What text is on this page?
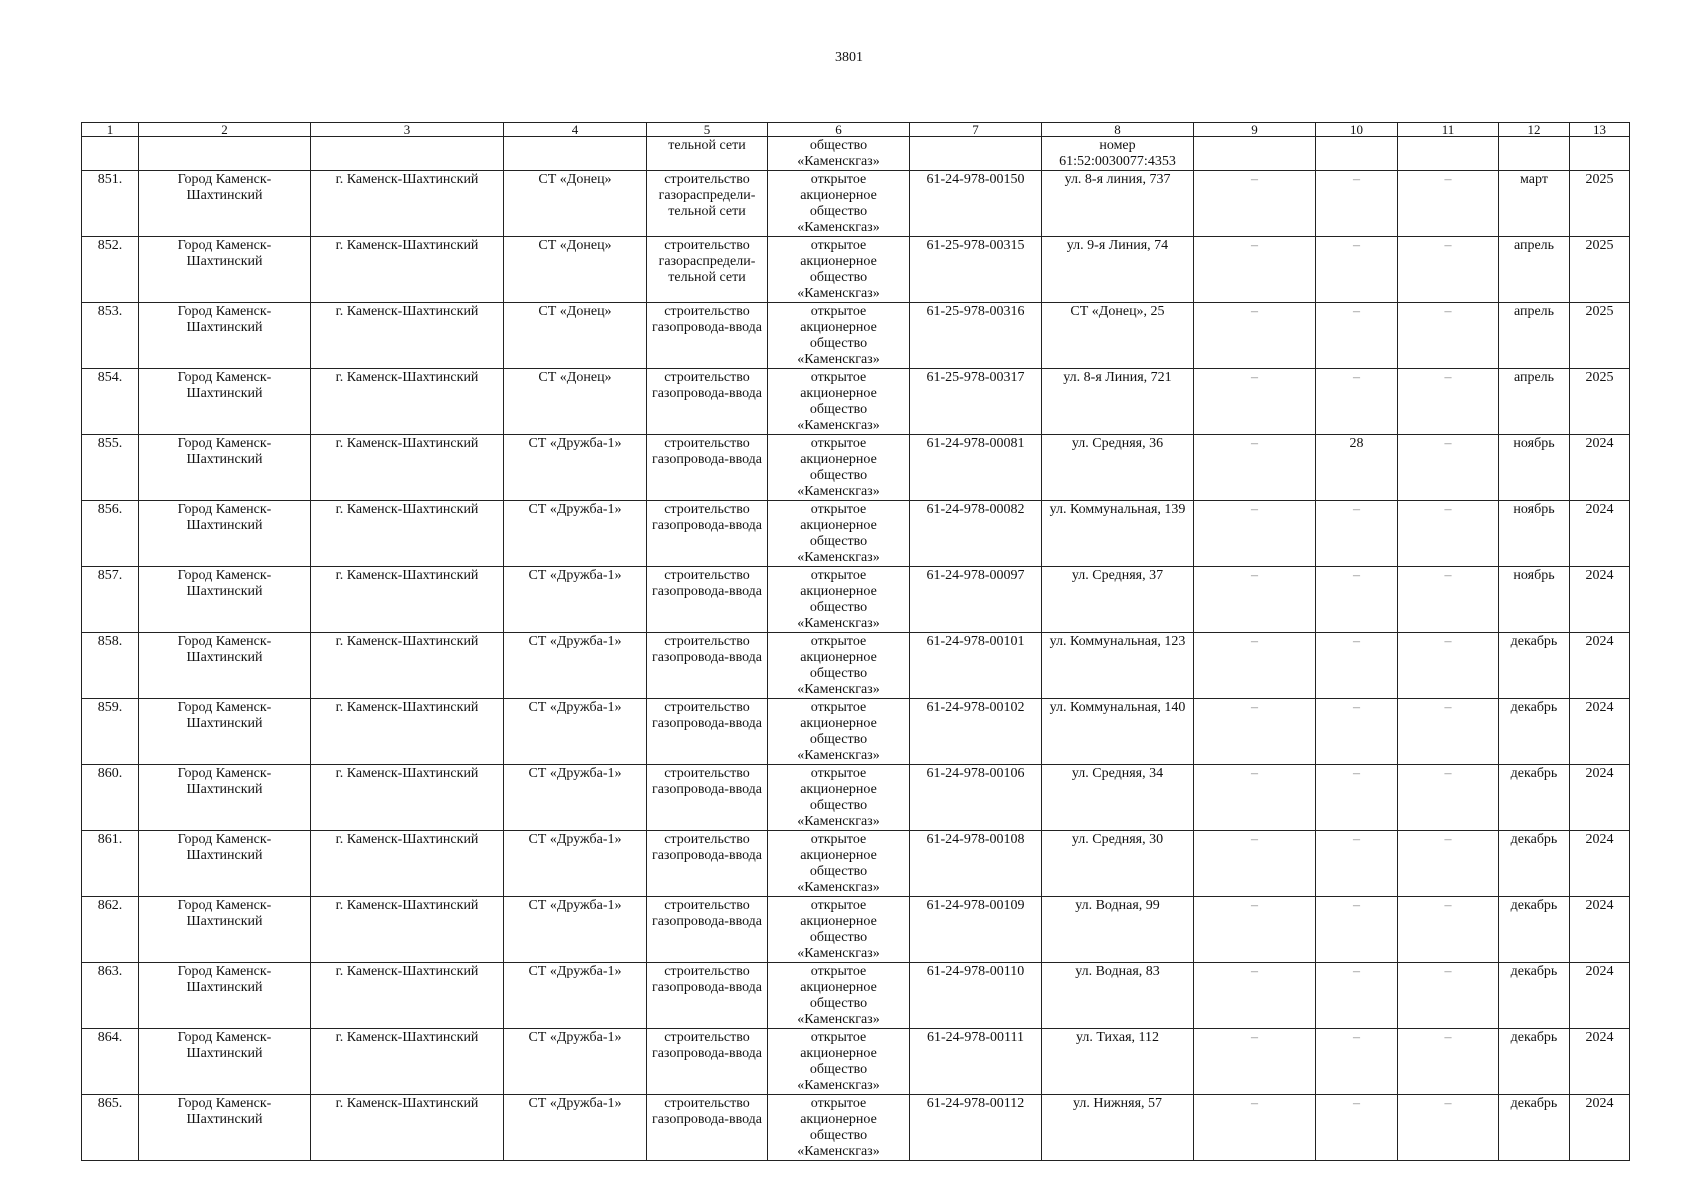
3801
1	2	3	4	5	6	7	8	9	10	11	12	13
				тельной сети	общество «Каменскгаз»		номер 61:52:0030077:4353					
851.	Город Каменск-Шахтинский	г. Каменск-Шахтинский	СТ «Донец»	строительство газораспредели-тельной сети	открытое акционерное общество «Каменскгаз»	61-24-978-00150	ул. 8-я линия, 737	–	–	–	март	2025
852.	Город Каменск-Шахтинский	г. Каменск-Шахтинский	СТ «Донец»	строительство газораспредели-тельной сети	открытое акционерное общество «Каменскгаз»	61-25-978-00315	ул. 9-я Линия, 74	–	–	–	апрель	2025
853.	Город Каменск-Шахтинский	г. Каменск-Шахтинский	СТ «Донец»	строительство газопровода-ввода	открытое акционерное общество «Каменскгаз»	61-25-978-00316	СТ «Донец», 25	–	–	–	апрель	2025
854.	Город Каменск-Шахтинский	г. Каменск-Шахтинский	СТ «Донец»	строительство газопровода-ввода	открытое акционерное общество «Каменскгаз»	61-25-978-00317	ул. 8-я Линия, 721	–	–	–	апрель	2025
855.	Город Каменск-Шахтинский	г. Каменск-Шахтинский	СТ «Дружба-1»	строительство газопровода-ввода	открытое акционерное общество «Каменскгаз»	61-24-978-00081	ул. Средняя, 36	–	28	–	ноябрь	2024
856.	Город Каменск-Шахтинский	г. Каменск-Шахтинский	СТ «Дружба-1»	строительство газопровода-ввода	открытое акционерное общество «Каменскгаз»	61-24-978-00082	ул. Коммунальная, 139	–	–	–	ноябрь	2024
857.	Город Каменск-Шахтинский	г. Каменск-Шахтинский	СТ «Дружба-1»	строительство газопровода-ввода	открытое акционерное общество «Каменскгаз»	61-24-978-00097	ул. Средняя, 37	–	–	–	ноябрь	2024
858.	Город Каменск-Шахтинский	г. Каменск-Шахтинский	СТ «Дружба-1»	строительство газопровода-ввода	открытое акционерное общество «Каменскгаз»	61-24-978-00101	ул. Коммунальная, 123	–	–	–	декабрь	2024
859.	Город Каменск-Шахтинский	г. Каменск-Шахтинский	СТ «Дружба-1»	строительство газопровода-ввода	открытое акционерное общество «Каменскгаз»	61-24-978-00102	ул. Коммунальная, 140	–	–	–	декабрь	2024
860.	Город Каменск-Шахтинский	г. Каменск-Шахтинский	СТ «Дружба-1»	строительство газопровода-ввода	открытое акционерное общество «Каменскгаз»	61-24-978-00106	ул. Средняя, 34	–	–	–	декабрь	2024
861.	Город Каменск-Шахтинский	г. Каменск-Шахтинский	СТ «Дружба-1»	строительство газопровода-ввода	открытое акционерное общество «Каменскгаз»	61-24-978-00108	ул. Средняя, 30	–	–	–	декабрь	2024
862.	Город Каменск-Шахтинский	г. Каменск-Шахтинский	СТ «Дружба-1»	строительство газопровода-ввода	открытое акционерное общество «Каменскгаз»	61-24-978-00109	ул. Водная, 99	–	–	–	декабрь	2024
863.	Город Каменск-Шахтинский	г. Каменск-Шахтинский	СТ «Дружба-1»	строительство газопровода-ввода	открытое акционерное общество «Каменскгаз»	61-24-978-00110	ул. Водная, 83	–	–	–	декабрь	2024
864.	Город Каменск-Шахтинский	г. Каменск-Шахтинский	СТ «Дружба-1»	строительство газопровода-ввода	открытое акционерное общество «Каменскгаз»	61-24-978-00111	ул. Тихая, 112	–	–	–	декабрь	2024
865.	Город Каменск-Шахтинский	г. Каменск-Шахтинский	СТ «Дружба-1»	строительство газопровода-ввода	открытое акционерное общество «Каменскгаз»	61-24-978-00112	ул. Нижняя, 57	–	–	–	декабрь	2024
